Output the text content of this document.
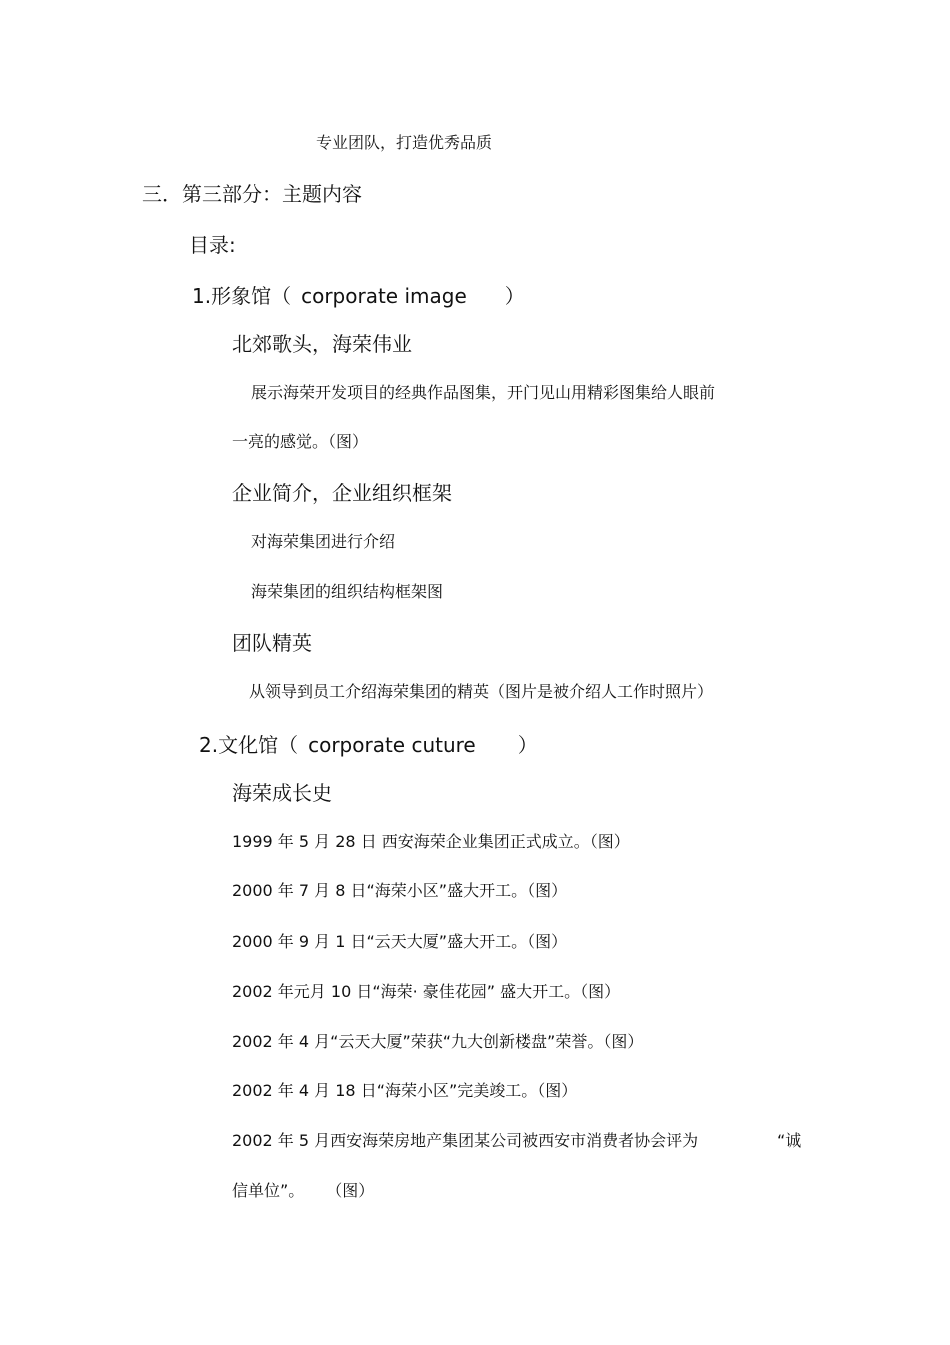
专业团队，打造优秀品质
三．第三部分：主题内容
目录:
1.形象馆（ corporate image ）
北郊歌头，海荣伟业
展示海荣开发项目的经典作品图集，开门见山用精彩图集给人眼前
一亮的感觉。（图）
企业简介，企业组织框架
对海荣集团进行介绍
海荣集团的组织结构框架图
团队精英
从领导到员工介绍海荣集团的精英（图片是被介绍人工作时照片）
2.文化馆（ corporate cuture ）
海荣成长史
1999 年 5 月 28 日 西安海荣企业集团正式成立。（图）
2000 年 7 月 8 日“海荣小区”盛大开工。（图）
2000 年 9 月 1 日“云天大厦”盛大开工。（图）
2002 年元月 10 日“海荣· 豪佳花园” 盛大开工。（图）
2002 年 4 月“云天大厦”荣获“九大创新楼盘”荣誉。（图）
2002 年 4 月 18 日“海荣小区”完美竣工。（图）
2002 年 5 月西安海荣房地产集团某公司被西安市消费者协会评为	“诚
信单位”。 （图）
